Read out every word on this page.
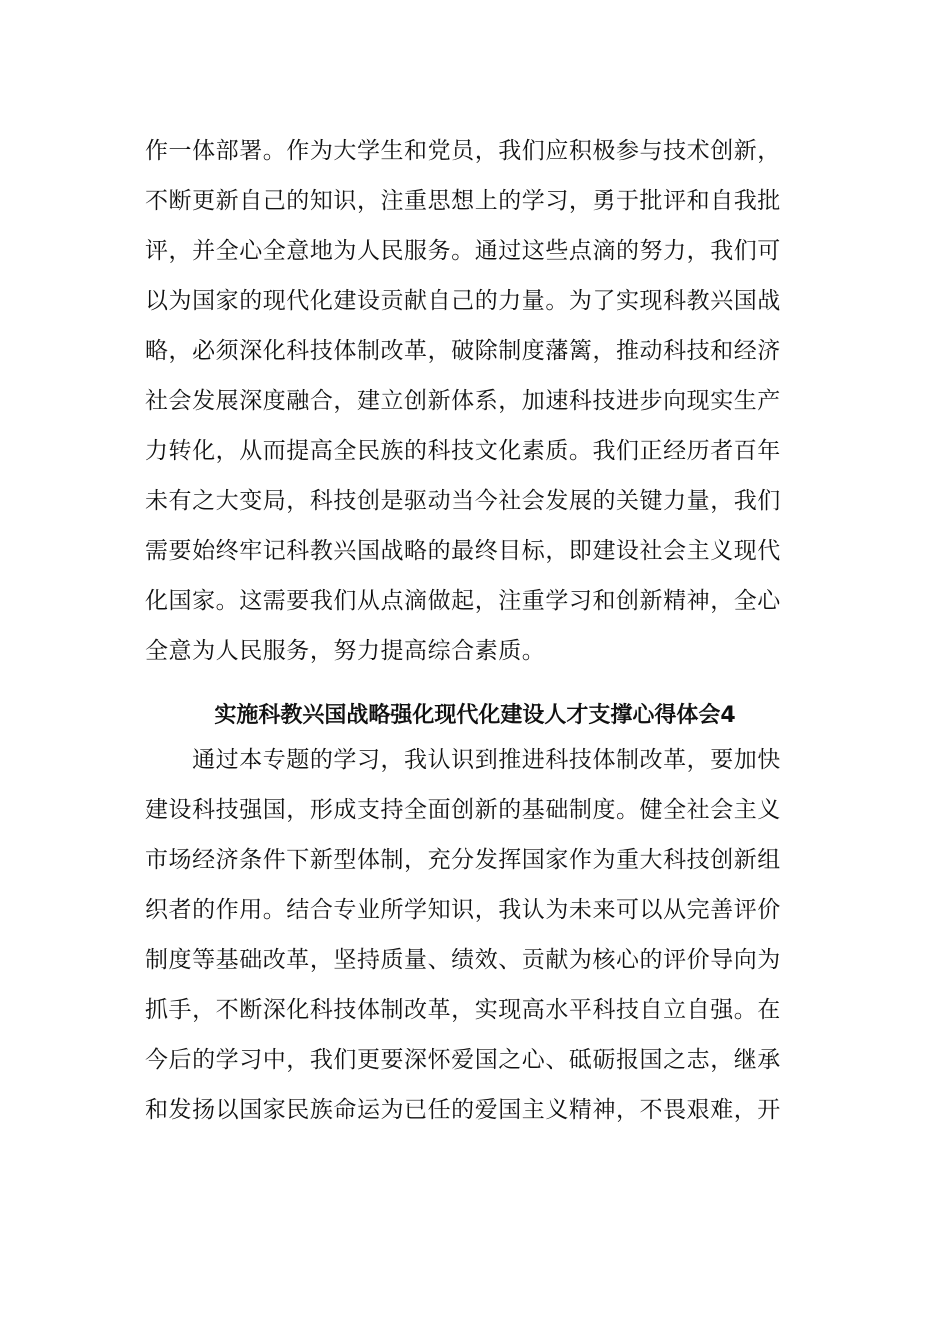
作一体部署。作为大学生和党员，我们应积极参与技术创新，
不断更新自己的知识，注重思想上的学习，勇于批评和自我批
评，并全心全意地为人民服务。通过这些点滴的努力，我们可
以为国家的现代化建设贡献自己的力量。为了实现科教兴国战
略，必须深化科技体制改革，破除制度藩篱，推动科技和经济
社会发展深度融合，建立创新体系，加速科技进步向现实生产
力转化，从而提高全民族的科技文化素质。我们正经历者百年
未有之大变局，科技创是驱动当今社会发展的关键力量，我们
需要始终牢记科教兴国战略的最终目标，即建设社会主义现代
化国家。这需要我们从点滴做起，注重学习和创新精神，全心
全意为人民服务，努力提高综合素质。
实施科教兴国战略强化现代化建设人才支撑心得体会4
　　通过本专题的学习，我认识到推进科技体制改革，要加快
建设科技强国，形成支持全面创新的基础制度。健全社会主义
市场经济条件下新型体制，充分发挥国家作为重大科技创新组
织者的作用。结合专业所学知识，我认为未来可以从完善评价
制度等基础改革，坚持质量、绩效、贡献为核心的评价导向为
抓手，不断深化科技体制改革，实现高水平科技自立自强。在
今后的学习中，我们更要深怀爱国之心、砥砺报国之志，继承
和发扬以国家民族命运为已任的爱国主义精神，不畏艰难，开
